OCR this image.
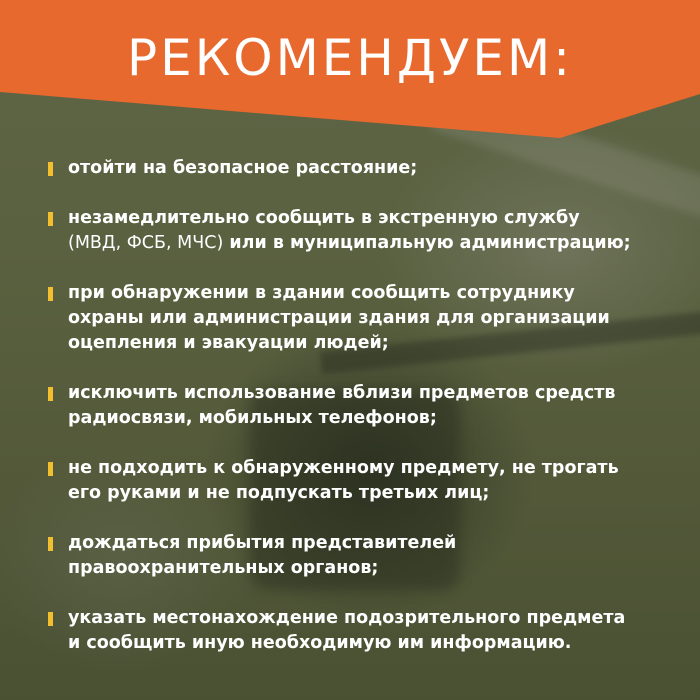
РЕКОМЕНДУЕМ:
отойти на безопасное расстояние;
незамедлительно сообщить в экстренную службу
(МВД, ФСБ, МЧС) или в муниципальную администрацию;
при обнаружении в здании сообщить сотруднику
охраны или администрации здания для организации
оцепления и эвакуации людей;
исключить использование вблизи предметов средств
радиосвязи, мобильных телефонов;
не подходить к обнаруженному предмету, не трогать
его руками и не подпускать третьих лиц;
дождаться прибытия представителей
правоохранительных органов;
указать местонахождение подозрительного предмета
и сообщить иную необходимую им информацию.
